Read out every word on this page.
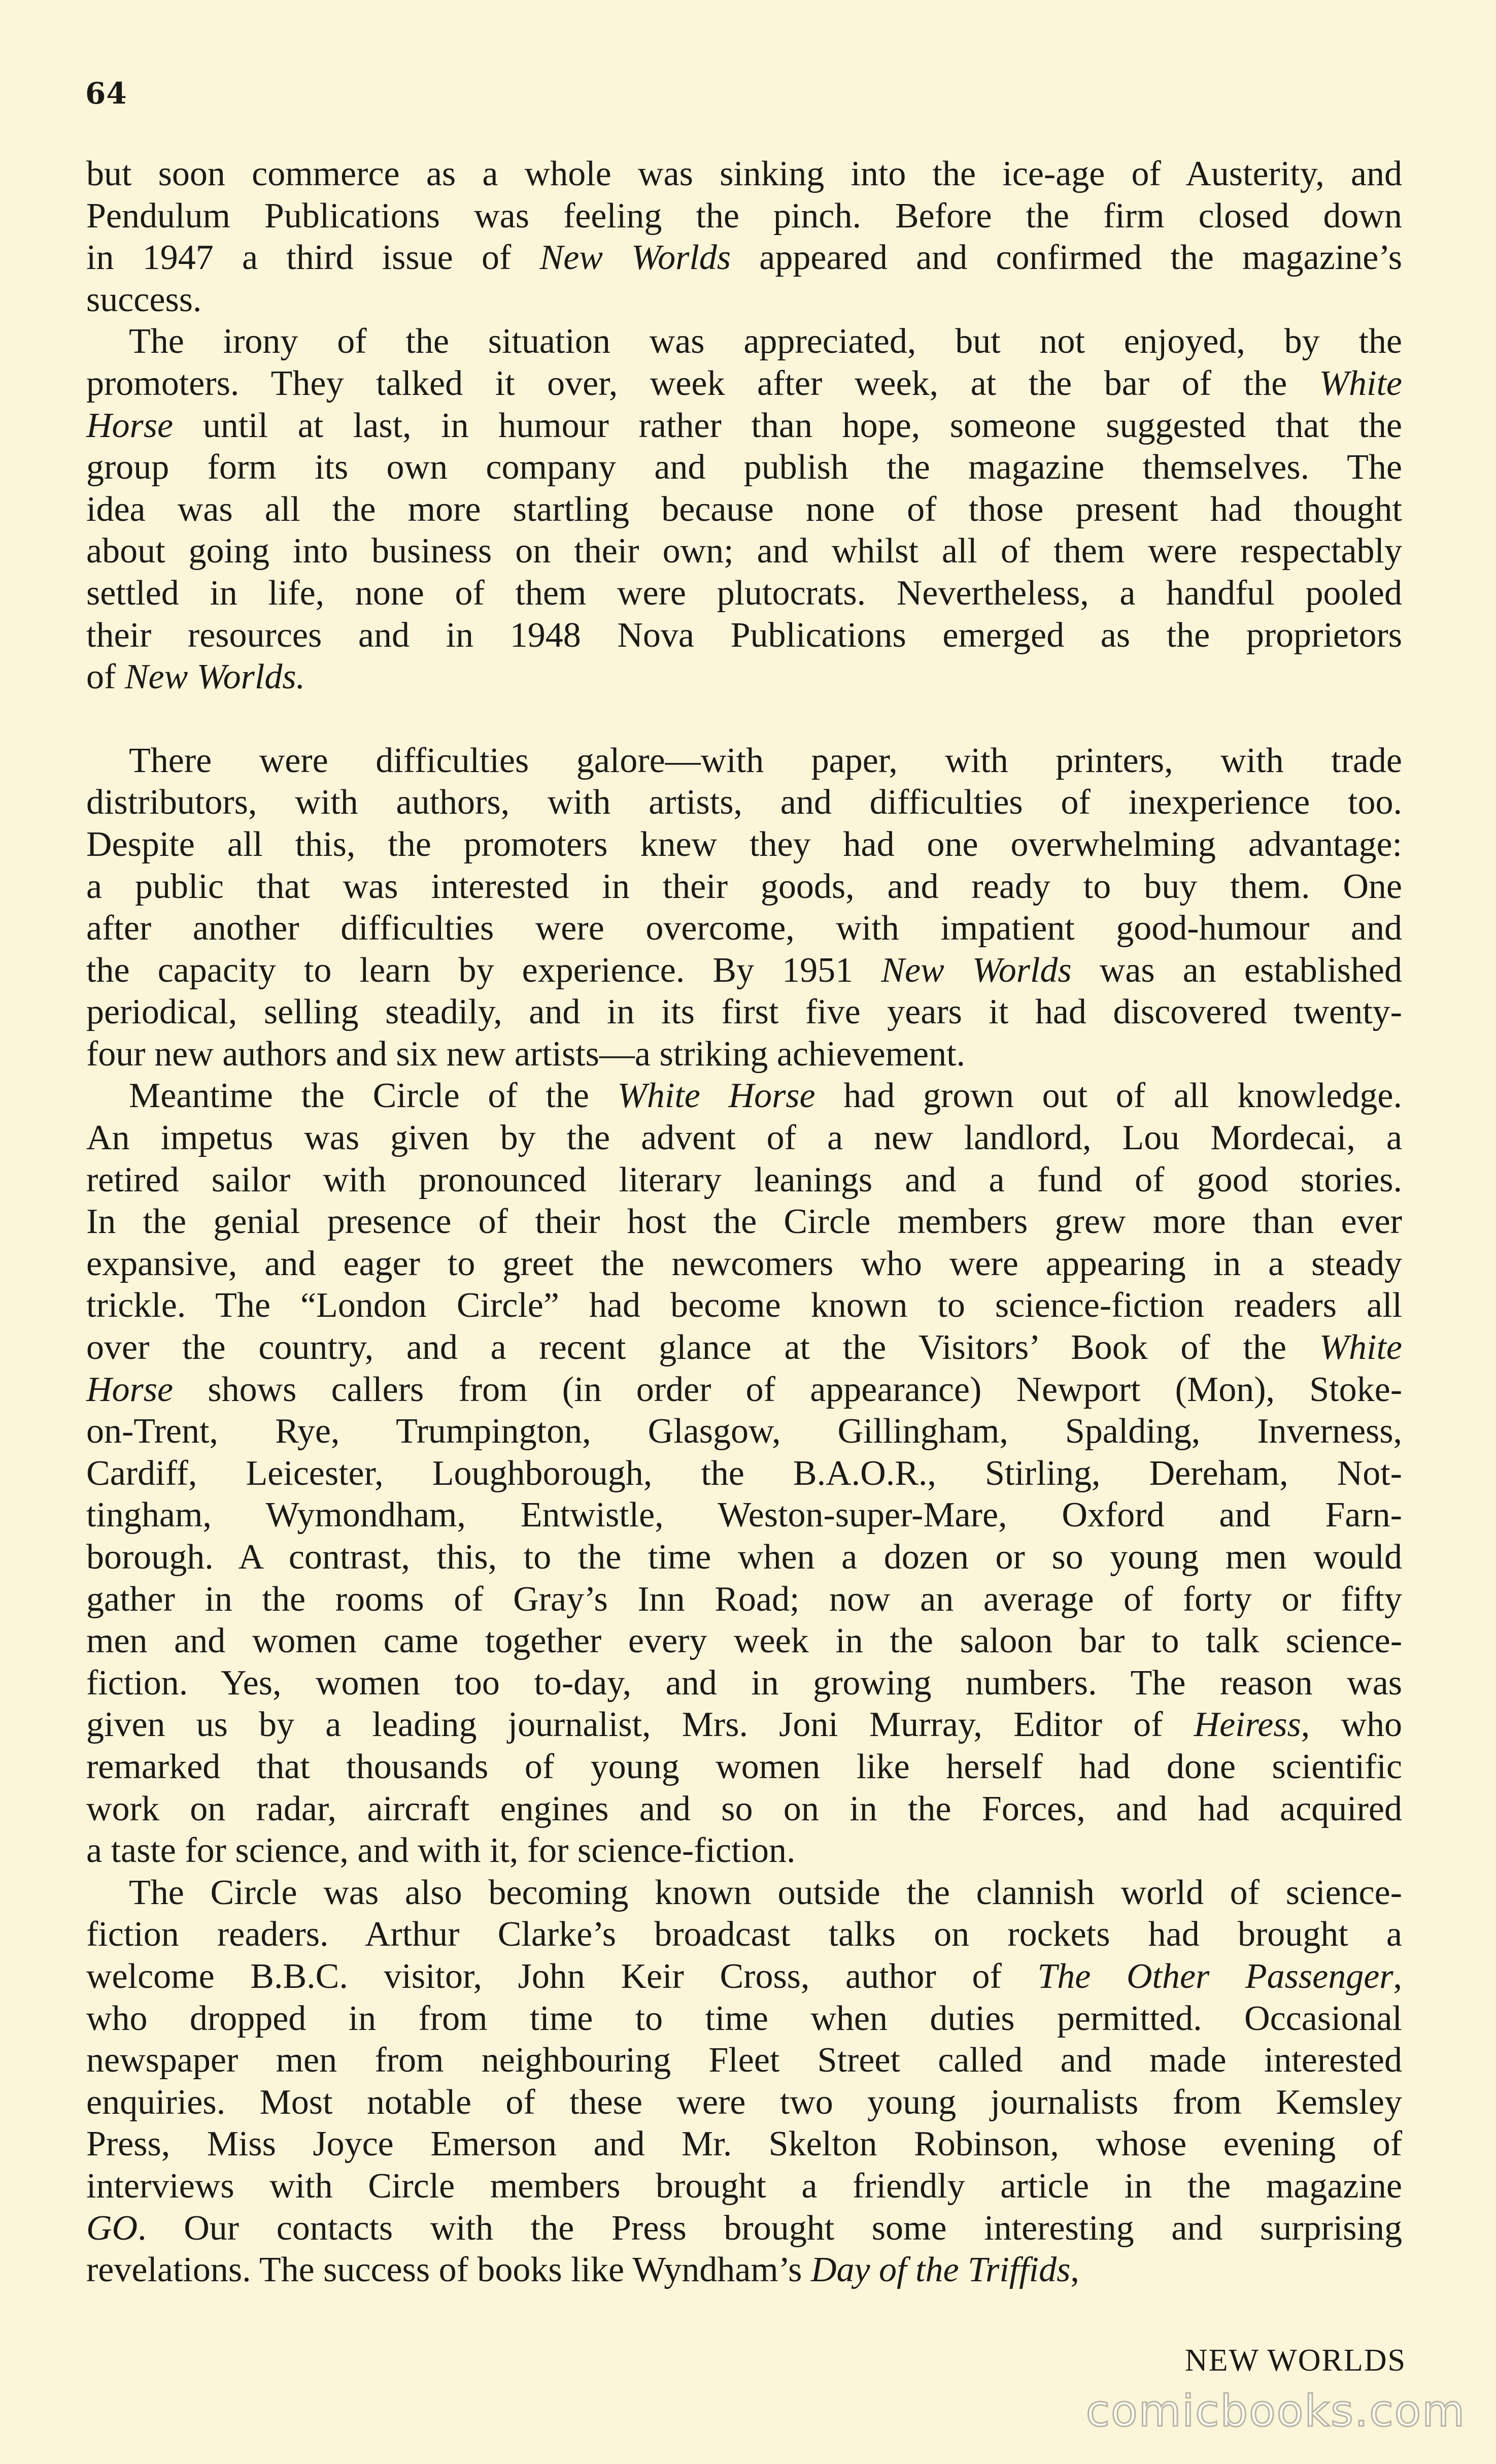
64

but soon commerce as a whole was sinking into the ice-age of Austerity, and
Pendulum Publications was feeling the pinch. Before the firm closed down
in 1947 a third issue of New Worlds appeared and confirmed the magazine’s
success.

The irony of the situation was appreciated, but not enjoyed, by the
promoters. They talked it over, week after week, at the bar of the White
Horse until at last, in humour rather than hope, someone suggested that the
group form its own company and publish the magazine themselves. The
idea was all the more startling because none of those present had thought
about going into business on their own; and whilst all of them were respectably
settled in life, none of them were plutocrats. Nevertheless, a handful pooled
their resources and in 1948 Nova Publications emerged as the proprietors
of New Worlds.

There were difficulties galore—with paper, with printers, with trade
distributors, with authors, with artists, and difficulties of inexperience too.
Despite all this, the promoters knew they had one overwhelming advantage:
a public that was interested in their goods, and ready to buy them. One
after another difficulties were overcome, with impatient good-humour and
the capacity to learn by experience. By 1951 New Worlds was an established
periodical, selling steadily, and in its first five years it had discovered twenty-
four new authors and six new artists—a striking achievement.

Meantime the Circle of the White Horse had grown out of all knowledge.
An impetus was given by the advent of a new landlord, Lou Mordecai, a
retired sailor with pronounced literary leanings and a fund of good stories.
In the genial presence of their host the Circle members grew more than ever
expansive, and eager to greet the newcomers who were appearing in a steady
trickle. The “London Circle” had become known to science-fiction readers all
over the country, and a recent glance at the Visitors’ Book of the White
Horse shows callers from (in order of appearance) Newport (Mon), Stoke-
on-Trent, Rye, Trumpington, Glasgow, Gillingham, Spalding, Inverness,
Cardiff, Leicester, Loughborough, the B.A.O.R., Stirling, Dereham, Not-
tingham, Wymondham, Entwistle, Weston-super-Mare, Oxford and Farn-
borough. A contrast, this, to the time when a dozen or so young men would
gather in the rooms of Gray’s Inn Road; now an average of forty or fifty
men and women came together every week in the saloon bar to talk science-
fiction. Yes, women too to-day, and in growing numbers. The reason was
given us by a leading journalist, Mrs. Joni Murray, Editor of Heiress, who
remarked that thousands of young women like herself had done scientific
work on radar, aircraft engines and so on in the Forces, and had acquired
a taste for science, and with it, for science-fiction.

The Circle was also becoming known outside the clannish world of science-
fiction readers. Arthur Clarke’s broadcast talks on rockets had brought a
welcome B.B.C. visitor, John Keir Cross, author of The Other Passenger,
who dropped in from time to time when duties permitted. Occasional
newspaper men from neighbouring Fleet Street called and made interested
enquiries. Most notable of these were two young journalists from Kemsley
Press, Miss Joyce Emerson and Mr. Skelton Robinson, whose evening of
interviews with Circle members brought a friendly article in the magazine
GO. Our contacts with the Press brought some interesting and surprising
revelations. The success of books like Wyndham’s Day of the Triffids,

NEW WORLDS
comicbooks.com
